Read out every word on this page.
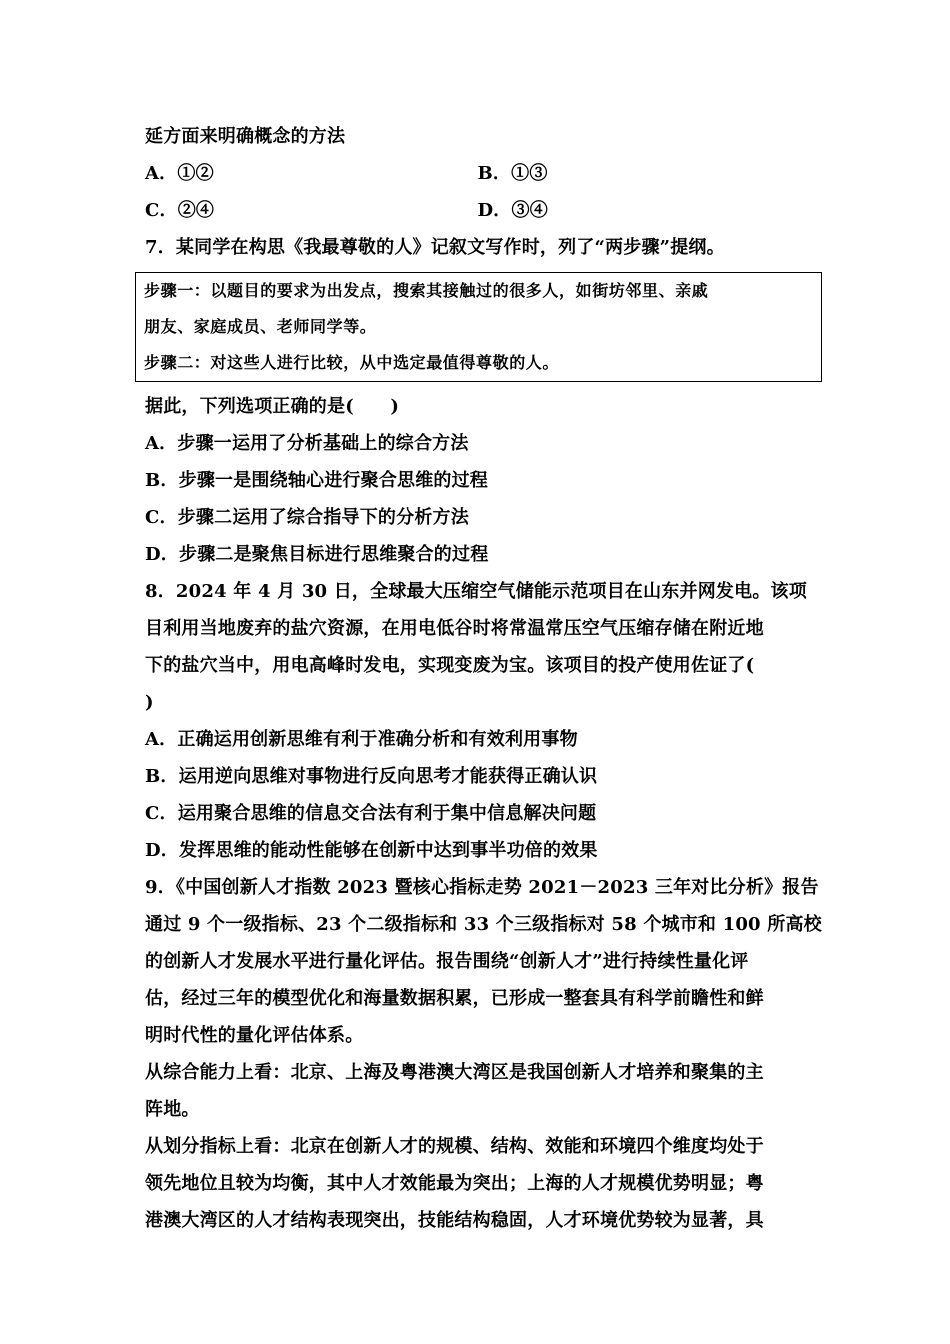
延方面来明确概念的方法
A．①②	B．①③
C．②④	D．③④
7．某同学在构思《我最尊敬的人》记叙文写作时，列了“两步骤”提纲。
步骤一：以题目的要求为出发点，搜索其接触过的很多人，如街坊邻里、亲戚
朋友、家庭成员、老师同学等。
步骤二：对这些人进行比较，从中选定最值得尊敬的人。
据此，下列选项正确的是(　　)
A．步骤一运用了分析基础上的综合方法
B．步骤一是围绕轴心进行聚合思维的过程
C．步骤二运用了综合指导下的分析方法
D．步骤二是聚焦目标进行思维聚合的过程
8．2024 年 4 月 30 日，全球最大压缩空气储能示范项目在山东并网发电。该项
目利用当地废弃的盐穴资源，在用电低谷时将常温常压空气压缩存储在附近地
下的盐穴当中，用电高峰时发电，实现变废为宝。该项目的投产使用佐证了(
)
A．正确运用创新思维有利于准确分析和有效利用事物
B．运用逆向思维对事物进行反向思考才能获得正确认识
C．运用聚合思维的信息交合法有利于集中信息解决问题
D．发挥思维的能动性能够在创新中达到事半功倍的效果
9．《中国创新人才指数 2023 暨核心指标走势 2021－2023 三年对比分析》报告
通过 9 个一级指标、23 个二级指标和 33 个三级指标对 58 个城市和 100 所高校
的创新人才发展水平进行量化评估。报告围绕“创新人才”进行持续性量化评
估，经过三年的模型优化和海量数据积累，已形成一整套具有科学前瞻性和鲜
明时代性的量化评估体系。
从综合能力上看：北京、上海及粤港澳大湾区是我国创新人才培养和聚集的主
阵地。
从划分指标上看：北京在创新人才的规模、结构、效能和环境四个维度均处于
领先地位且较为均衡，其中人才效能最为突出；上海的人才规模优势明显；粤
港澳大湾区的人才结构表现突出，技能结构稳固，人才环境优势较为显著，具
